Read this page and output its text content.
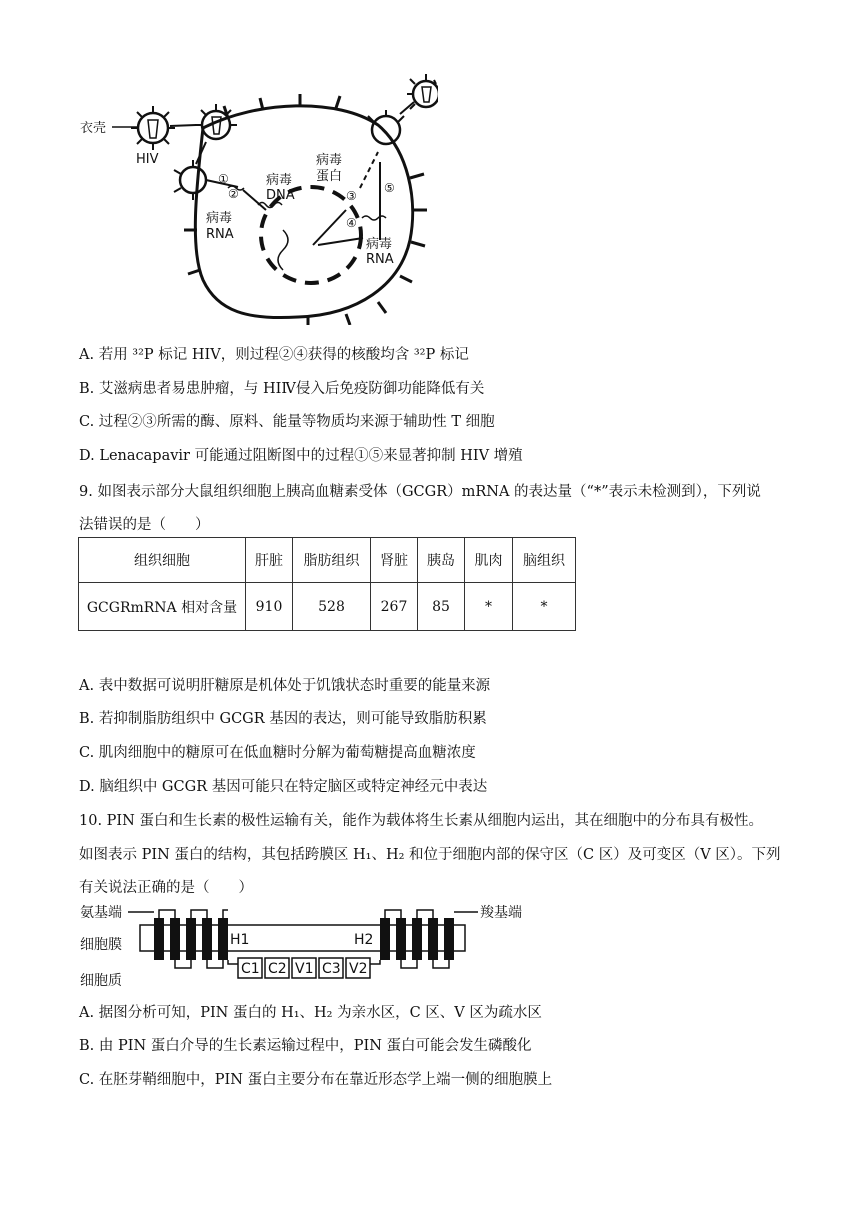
衣壳
HIV
病毒
RNA
病毒
DNA
病毒
蛋白
病毒
RNA
①
②	③
④
⑤
A. 若用 ³²P 标记 HIV，则过程②④获得的核酸均含 ³²P 标记
B. 艾滋病患者易患肿瘤，与 HIⅣ侵入后免疫防御功能降低有关
C. 过程②③所需的酶、原料、能量等物质均来源于辅助性 T 细胞
D. Lenacapavir 可能通过阻断图中的过程①⑤来显著抑制 HIV 增殖
9. 如图表示部分大鼠组织细胞上胰高血糖素受体（GCGR）mRNA 的表达量（“*”表示未检测到），下列说
法错误的是（　　）
组织细胞	肝脏	脂肪组织	肾脏	胰岛	肌肉	脑组织
GCGRmRNA 相对含量	910	528	267	85	*	*
A. 表中数据可说明肝糖原是机体处于饥饿状态时重要的能量来源
B. 若抑制脂肪组织中 GCGR 基因的表达，则可能导致脂肪积累
C. 肌肉细胞中的糖原可在低血糖时分解为葡萄糖提高血糖浓度
D. 脑组织中 GCGR 基因可能只在特定脑区或特定神经元中表达
10. PIN 蛋白和生长素的极性运输有关，能作为载体将生长素从细胞内运出，其在细胞中的分布具有极性。
如图表示 PIN 蛋白的结构，其包括跨膜区 H₁、H₂ 和位于细胞内部的保守区（C 区）及可变区（V 区）。下列
有关说法正确的是（　　）
C1 C2 V1 C3 V2
H1	H2
氨基端	羧基端
细胞膜
细胞质
A. 据图分析可知，PIN 蛋白的 H₁、H₂ 为亲水区，C 区、V 区为疏水区
B. 由 PIN 蛋白介导的生长素运输过程中，PIN 蛋白可能会发生磷酸化
C. 在胚芽鞘细胞中，PIN 蛋白主要分布在靠近形态学上端一侧的细胞膜上
